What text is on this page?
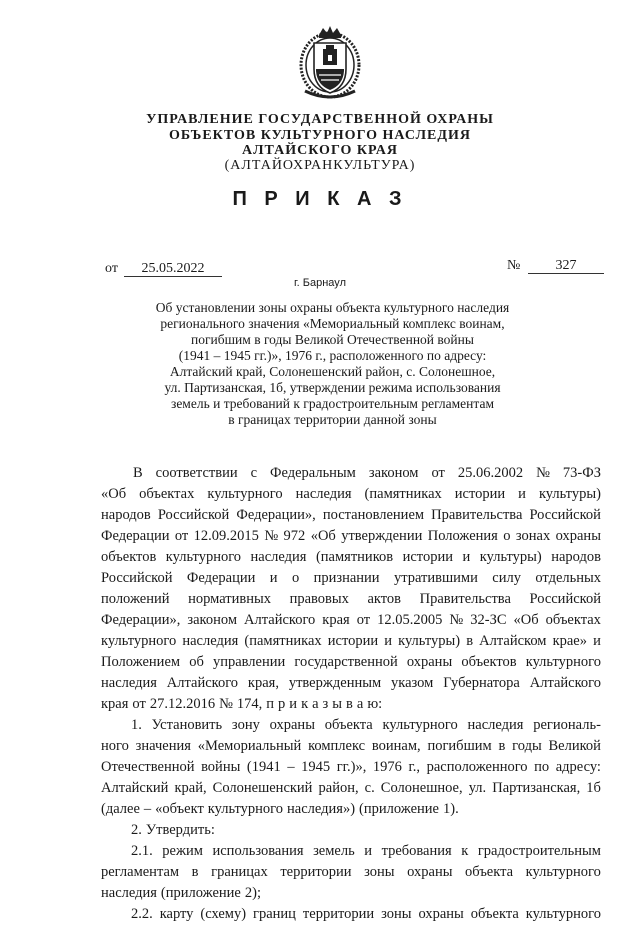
УПРАВЛЕНИЕ ГОСУДАРСТВЕННОЙ ОХРАНЫ
ОБЪЕКТОВ КУЛЬТУРНОГО НАСЛЕДИЯ
АЛТАЙСКОГО КРАЯ
(АЛТАЙОХРАНКУЛЬТУРА)
П Р И К А З
от	25.05.2022	№	327
г. Барнаул
Об установлении зоны охраны объекта культурного наследия
регионального значения «Мемориальный комплекс воинам,
погибшим в годы Великой Отечественной войны
(1941 – 1945 гг.)», 1976 г., расположенного по адресу:
Алтайский край, Солонешенский район, с. Солонешное,
ул. Партизанская, 1б, утверждении режима использования
земель и требований к градостроительным регламентам
в границах территории данной зоны
В соответствии с Федеральным законом от 25.06.2002 № 73-ФЗ
«Об объектах культурного наследия (памятниках истории и культуры)
народов Российской Федерации», постановлением Правительства Российской
Федерации от 12.09.2015 № 972 «Об утверждении Положения о зонах охраны
объектов культурного наследия (памятников истории и культуры) народов
Российской Федерации и о признании утратившими силу отдельных
положений нормативных правовых актов Правительства Российской
Федерации», законом Алтайского края от 12.05.2005 № 32-ЗС «Об объектах
культурного наследия (памятниках истории и культуры) в Алтайском крае» и
Положением об управлении государственной охраны объектов культурного
наследия Алтайского края, утвержденным указом Губернатора Алтайского
края от 27.12.2016 № 174, п р и к а з ы в а ю:
1. Установить зону охраны объекта культурного наследия региональ-
ного значения «Мемориальный комплекс воинам, погибшим в годы Великой
Отечественной войны (1941 – 1945 гг.)», 1976 г., расположенного по адресу:
Алтайский край, Солонешенский район, с. Солонешное, ул. Партизанская, 1б
(далее – «объект культурного наследия») (приложение 1).
2. Утвердить:
2.1. режим использования земель и требования к градостроительным
регламентам в границах территории зоны охраны объекта культурного
наследия (приложение 2);
2.2. карту (схему) границ территории зоны охраны объекта культурного
